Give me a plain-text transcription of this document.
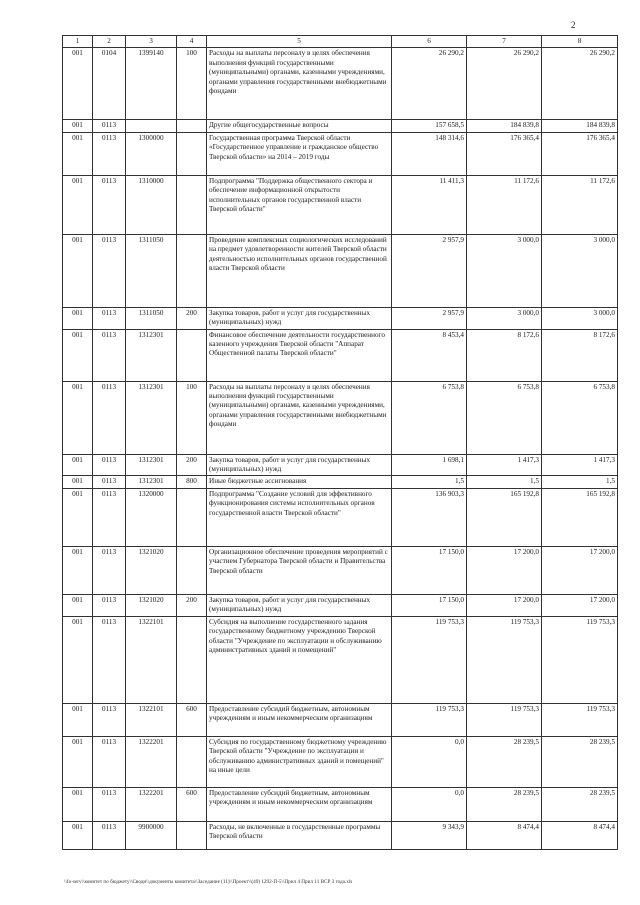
2
1	2	3	4	5	6	7	8
001	0104	1399140	100	Расходы на выплаты персоналу в целях обеспечения выполнения функций государственными (муниципальными) органами, казенными учреждениями, органами управления государственными внебюджетными фондами	26 290,2	26 290,2	26 290,2
001	0113			Другие общегосударственные вопросы	157 658,5	184 839,8	184 839,8
001	0113	1300000		Государственная программа Тверской области «Государственное управление и гражданское общество Тверской области» на 2014 – 2019 годы	148 314,6	176 365,4	176 365,4
001	0113	1310000		Подпрограмма "Поддержка общественного сектора и обеспечение информационной открытости исполнительных органов государственной власти Тверской области"	11 411,3	11 172,6	11 172,6
001	0113	1311050		Проведение комплексных социологических исследований на предмет удовлетворенности жителей Тверской области деятельностью исполнительных органов государственной власти Тверской области	2 957,9	3 000,0	3 000,0
001	0113	1311050	200	Закупка товаров, работ и услуг для государственных (муниципальных) нужд	2 957,9	3 000,0	3 000,0
001	0113	1312301		Финансовое обеспечение деятельности государственного казенного учреждения Тверской области "Аппарат Общественной палаты Тверской области"	8 453,4	8 172,6	8 172,6
001	0113	1312301	100	Расходы на выплаты персоналу в целях обеспечения выполнения функций государственными (муниципальными) органами, казенными учреждениями, органами управления государственными внебюджетными фондами	6 753,8	6 753,8	6 753,8
001	0113	1312301	200	Закупка товаров, работ и услуг для государственных (муниципальных) нужд	1 698,1	1 417,3	1 417,3
001	0113	1312301	800	Иные бюджетные ассигнования	1,5	1,5	1,5
001	0113	1320000		Подпрограмма "Создание условий для эффективного функционирования системы исполнительных органов государственной власти Тверской области"	136 903,3	165 192,8	165 192,8
001	0113	1321020		Организационное обеспечение проведения мероприятий с участием Губернатора Тверской области и Правительства Тверской области	17 150,0	17 200,0	17 200,0
001	0113	1321020	200	Закупка товаров, работ и услуг для государственных (муниципальных) нужд	17 150,0	17 200,0	17 200,0
001	0113	1322101		Субсидия на выполнение государственного задания государственному бюджетному учреждению Тверской области "Учреждение по эксплуатации и обслуживанию административных зданий и помещений"	119 753,3	119 753,3	119 753,3
001	0113	1322101	600	Предоставление субсидий бюджетным, автономным учреждениям и иным некоммерческим организациям	119 753,3	119 753,3	119 753,3
001	0113	1322201		Субсидия по государственному бюджетному учреждению Тверской области "Учреждение по эксплуатации и обслуживанию административных зданий и помещений" на иные цели	0,0	28 239,5	28 239,5
001	0113	1322201	600	Предоставление субсидий бюджетным, автономным учреждениям и иным некоммерческим организациям	0,0	28 239,5	28 239,5
001	0113	9900000		Расходы, не включенные в государственные программы Тверской области	9 343,9	8 474,4	8 474,4
\\fo-serv\\комитет по бюджету\\Сводн\\документы комитета\\Заседание (11)\\Проект\\(49) 1292-П-5\\Прил 4 Прил 11 ВСР 3 года.xls
